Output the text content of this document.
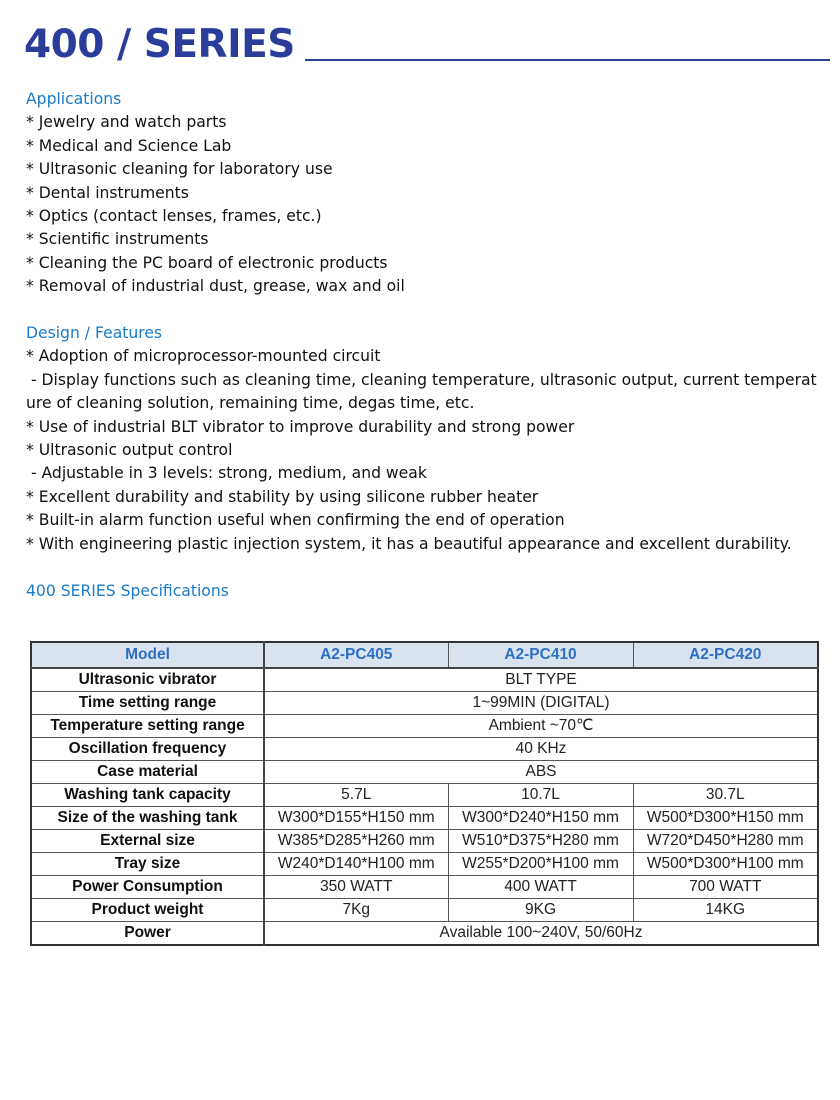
400 / SERIES
Applications
* Jewelry and watch parts
* Medical and Science Lab
* Ultrasonic cleaning for laboratory use
* Dental instruments
* Optics (contact lenses, frames, etc.)
* Scientific instruments
* Cleaning the PC board of electronic products
* Removal of industrial dust, grease, wax and oil
Design / Features
* Adoption of microprocessor-mounted circuit
- Display functions such as cleaning time, cleaning temperature, ultrasonic output, current temperature of cleaning solution, remaining time, degas time, etc.
* Use of industrial BLT vibrator to improve durability and strong power
* Ultrasonic output control
- Adjustable in 3 levels: strong, medium, and weak
* Excellent durability and stability by using silicone rubber heater
* Built-in alarm function useful when confirming the end of operation
* With engineering plastic injection system, it has a beautiful appearance and excellent durability.
400 SERIES Specifications
Model	A2-PC405	A2-PC410	A2-PC420
Ultrasonic vibrator	BLT TYPE		
Time setting range	1~99MIN (DIGITAL)		
Temperature setting range	Ambient ~70℃		
Oscillation frequency	40 KHz		
Case material	ABS		
Washing tank capacity	5.7L	10.7L	30.7L
Size of the washing tank	W300*D155*H150 mm	W300*D240*H150 mm	W500*D300*H150 mm
External size	W385*D285*H260 mm	W510*D375*H280 mm	W720*D450*H280 mm
Tray size	W240*D140*H100 mm	W255*D200*H100 mm	W500*D300*H100 mm
Power Consumption	350 WATT	400 WATT	700 WATT
Product weight	7Kg	9KG	14KG
Power	Available 100~240V, 50/60Hz		
